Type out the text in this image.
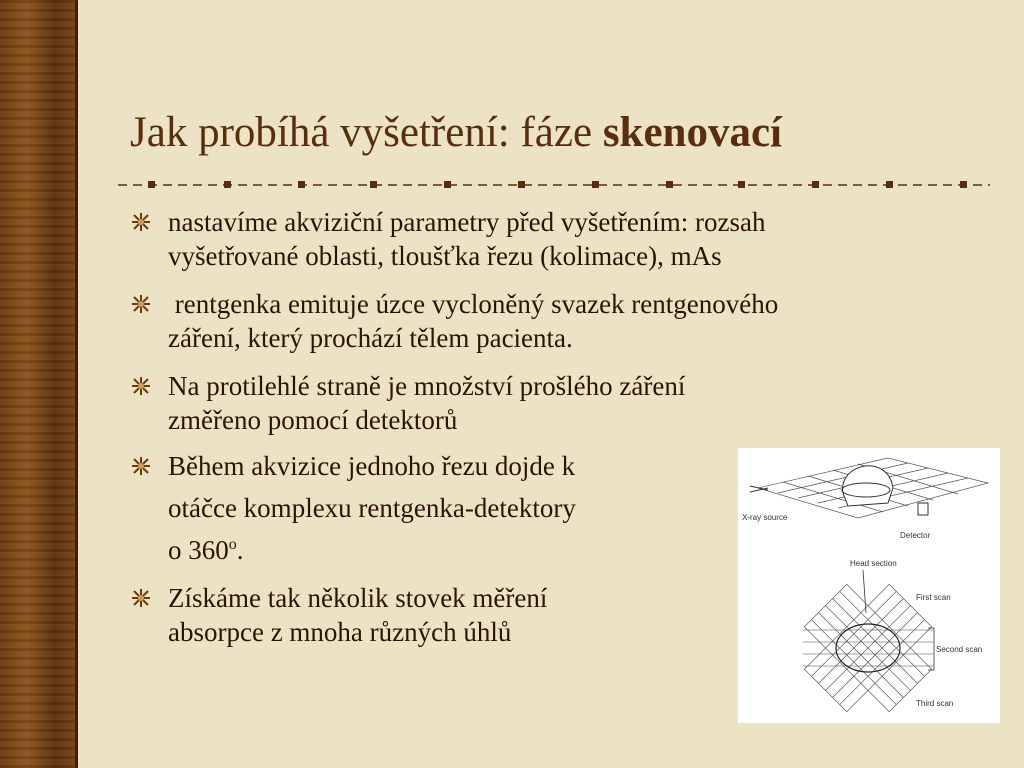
Jak probíhá vyšetření: fáze skenovací
nastavíme akviziční parametry před vyšetřením: rozsah
vyšetřované oblasti, tloušťka řezu (kolimace), mAs
rentgenka emituje úzce vycloněný svazek rentgenového
záření, který prochází tělem pacienta.
Na protilehlé straně je množství prošlého záření
změřeno pomocí detektorů
Během akvizice jednoho řezu dojde k
otáčce komplexu rentgenka-detektory
o 360$^o$.
Získáme tak několik stovek měření
absorpce z mnoha různých úhlů
X-ray source
Detector
Head section
First scan
Second scan
Third scan
